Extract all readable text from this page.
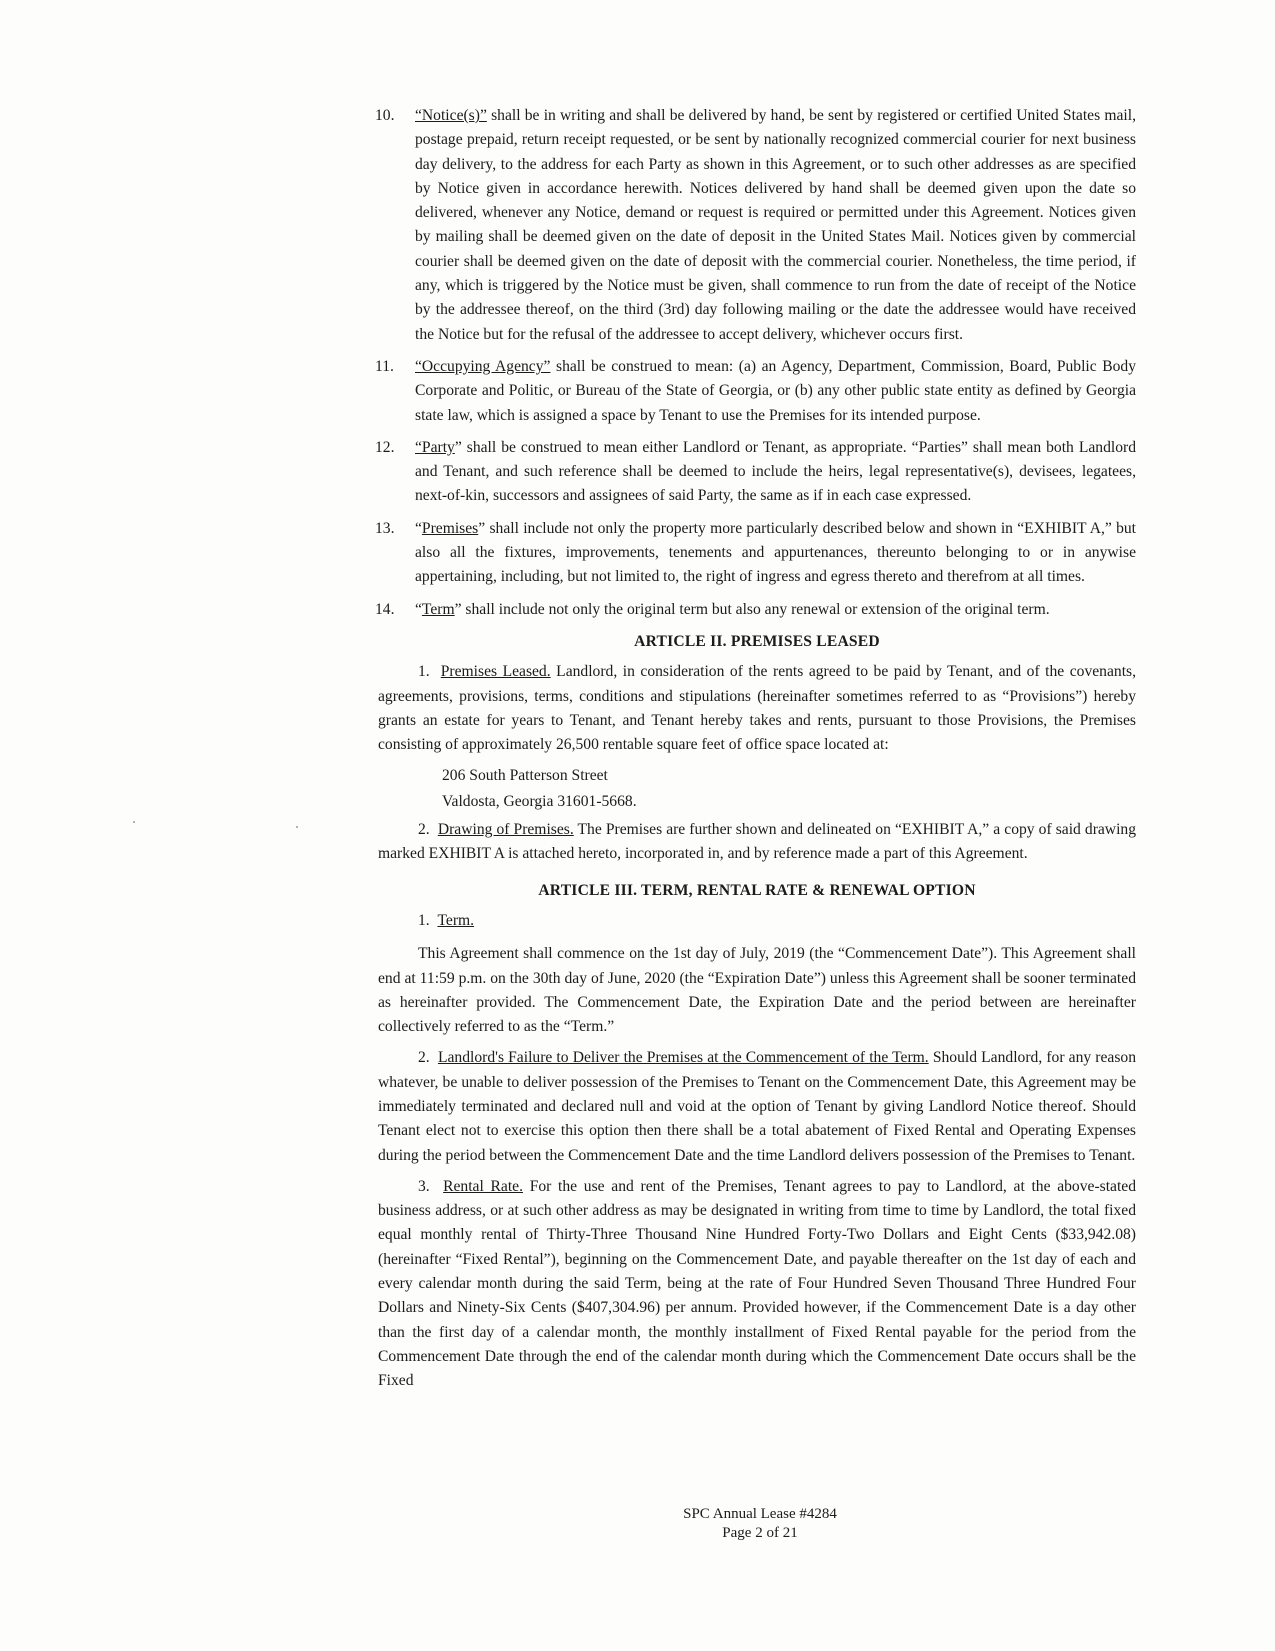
10. “Notice(s)” shall be in writing and shall be delivered by hand, be sent by registered or certified United States mail, postage prepaid, return receipt requested, or be sent by nationally recognized commercial courier for next business day delivery, to the address for each Party as shown in this Agreement, or to such other addresses as are specified by Notice given in accordance herewith. Notices delivered by hand shall be deemed given upon the date so delivered, whenever any Notice, demand or request is required or permitted under this Agreement. Notices given by mailing shall be deemed given on the date of deposit in the United States Mail. Notices given by commercial courier shall be deemed given on the date of deposit with the commercial courier. Nonetheless, the time period, if any, which is triggered by the Notice must be given, shall commence to run from the date of receipt of the Notice by the addressee thereof, on the third (3rd) day following mailing or the date the addressee would have received the Notice but for the refusal of the addressee to accept delivery, whichever occurs first.
11. “Occupying Agency” shall be construed to mean: (a) an Agency, Department, Commission, Board, Public Body Corporate and Politic, or Bureau of the State of Georgia, or (b) any other public state entity as defined by Georgia state law, which is assigned a space by Tenant to use the Premises for its intended purpose.
12. “Party” shall be construed to mean either Landlord or Tenant, as appropriate. “Parties” shall mean both Landlord and Tenant, and such reference shall be deemed to include the heirs, legal representative(s), devisees, legatees, next-of-kin, successors and assignees of said Party, the same as if in each case expressed.
13. “Premises” shall include not only the property more particularly described below and shown in “EXHIBIT A,” but also all the fixtures, improvements, tenements and appurtenances, thereunto belonging to or in anywise appertaining, including, but not limited to, the right of ingress and egress thereto and therefrom at all times.
14. “Term” shall include not only the original term but also any renewal or extension of the original term.
ARTICLE II. PREMISES LEASED

1. Premises Leased. Landlord, in consideration of the rents agreed to be paid by Tenant, and of the covenants, agreements, provisions, terms, conditions and stipulations (hereinafter sometimes referred to as “Provisions”) hereby grants an estate for years to Tenant, and Tenant hereby takes and rents, pursuant to those Provisions, the Premises consisting of approximately 26,500 rentable square feet of office space located at:

206 South Patterson Street
Valdosta, Georgia 31601-5668.

2. Drawing of Premises. The Premises are further shown and delineated on “EXHIBIT A,” a copy of said drawing marked EXHIBIT A is attached hereto, incorporated in, and by reference made a part of this Agreement.

ARTICLE III. TERM, RENTAL RATE & RENEWAL OPTION
1. Term.

This Agreement shall commence on the 1st day of July, 2019 (the “Commencement Date”). This Agreement shall end at 11:59 p.m. on the 30th day of June, 2020 (the “Expiration Date”) unless this Agreement shall be sooner terminated as hereinafter provided. The Commencement Date, the Expiration Date and the period between are hereinafter collectively referred to as the “Term.”

2. Landlord's Failure to Deliver the Premises at the Commencement of the Term. Should Landlord, for any reason whatever, be unable to deliver possession of the Premises to Tenant on the Commencement Date, this Agreement may be immediately terminated and declared null and void at the option of Tenant by giving Landlord Notice thereof. Should Tenant elect not to exercise this option then there shall be a total abatement of Fixed Rental and Operating Expenses during the period between the Commencement Date and the time Landlord delivers possession of the Premises to Tenant.

3. Rental Rate. For the use and rent of the Premises, Tenant agrees to pay to Landlord, at the above-stated business address, or at such other address as may be designated in writing from time to time by Landlord, the total fixed equal monthly rental of Thirty-Three Thousand Nine Hundred Forty-Two Dollars and Eight Cents ($33,942.08)(hereinafter “Fixed Rental”), beginning on the Commencement Date, and payable thereafter on the 1st day of each and every calendar month during the said Term, being at the rate of Four Hundred Seven Thousand Three Hundred Four Dollars and Ninety-Six Cents ($407,304.96) per annum. Provided however, if the Commencement Date is a day other than the first day of a calendar month, the monthly installment of Fixed Rental payable for the period from the Commencement Date through the end of the calendar month during which the Commencement Date occurs shall be the Fixed

SPC Annual Lease #4284
Page 2 of 21
